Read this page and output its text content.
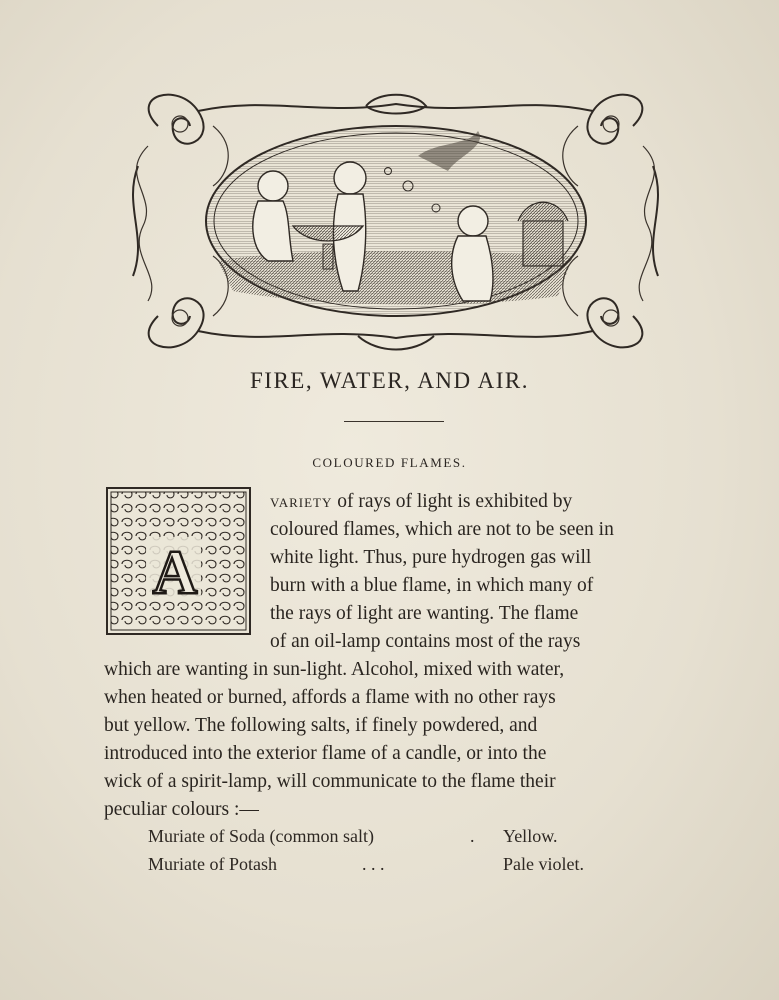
FIRE, WATER, AND AIR.
COLOURED FLAMES.
A
VARIETY of rays of light is exhibited by
coloured flames, which are not to be seen in
white light. Thus, pure hydrogen gas will
burn with a blue flame, in which many of
the rays of light are wanting. The flame
of an oil-lamp contains most of the rays
which are wanting in sun-light. Alcohol, mixed with water,
when heated or burned, affords a flame with no other rays
but yellow. The following salts, if finely powdered, and
introduced into the exterior flame of a candle, or into the
wick of a spirit-lamp, will communicate to the flame their
peculiar colours :—
Muriate of Soda (common salt)	. Yellow.
Muriate of Potash	. . .	Pale violet.
